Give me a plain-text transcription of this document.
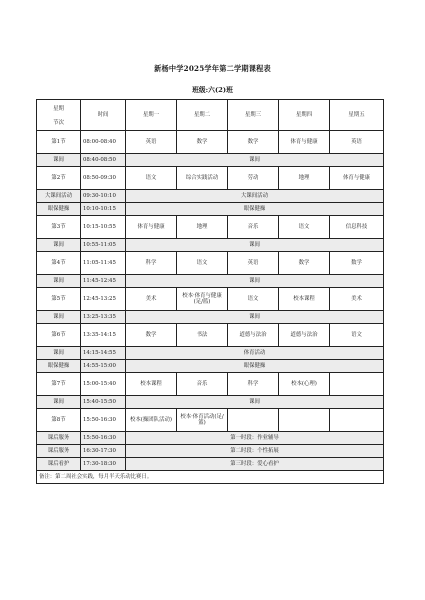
新杨中学2025学年第二学期课程表
班级:六(2)班
星期
节次	时间	星期一	星期二	星期三	星期四	星期五
第1节	08:00-08:40	英语	数学	数学	体育与健康	英语
课间	08:40-08:50	课间				
第2节	08:50-09:30	语文	综合实践活动	劳动	地理	体育与健康
大课间活动	09:30-10:10	大课间活动				
眼保健操	10:10-10:15	眼保健操				
第3节	10:15-10:55	体育与健康	地理	音乐	语文	信息科技
课间	10:55-11:05	课间				
第4节	11:05-11:45	科学	语文	英语	数学	数学
课间	11:45-12:45	课间				
第5节	12:45-13:25	美术	校本·体育与健康(足/篮)	语文	校本课程	美术
课间	13:25-13:35	课间				
第6节	13:35-14:15	数学	书法	道德与法治	道德与法治	语文
课间	14:15-14:55	体育活动				
眼保健操	14:55-15:00	眼保健操				
第7节	15:00-15:40	校本课程	音乐	科学	校本(心理)	
课间	15:40-15:50	课间				
第8节	15:50-16:30	校本(操团队活动)	校本·体育活动(足/篮)			
课后服务	15:50-16:30	第一时段：作业辅导				
课后服务	16:30-17:30	第二时段：个性拓展				
课后看护	17:30-18:30	第三时段：爱心看护				
备注：第二周社会实践，每月半天乐动比赛日。						
